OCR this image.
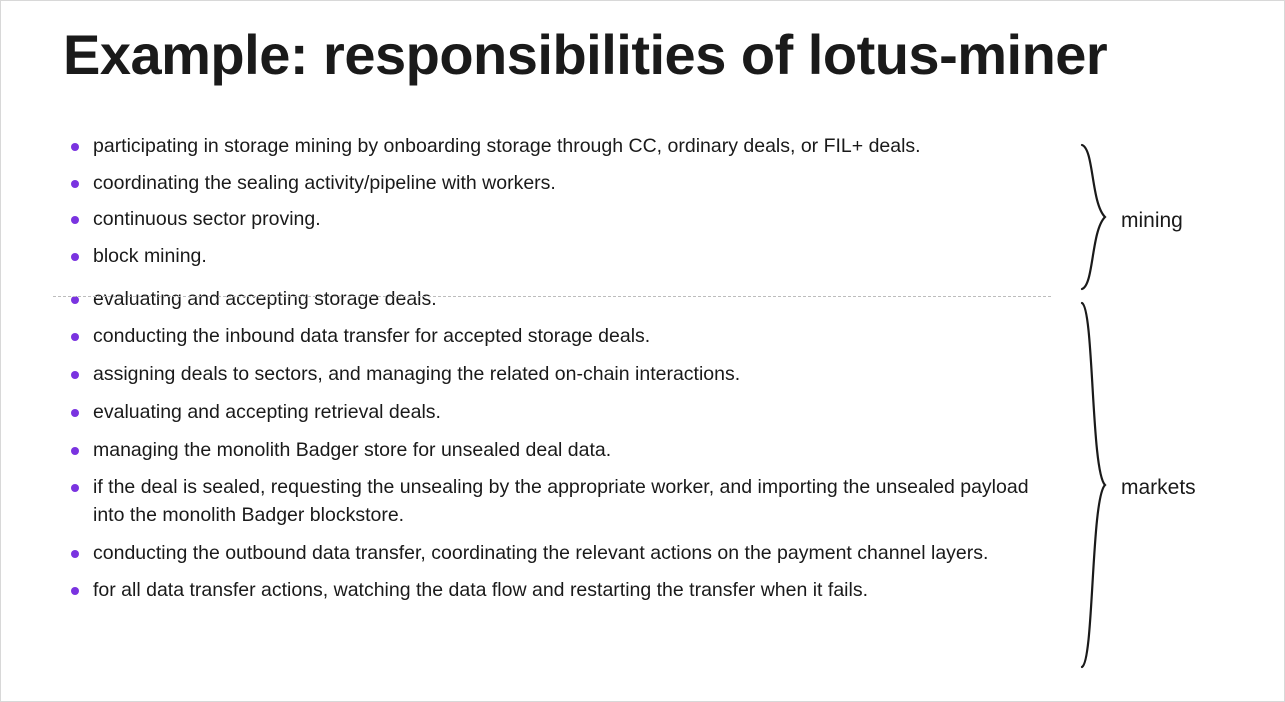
Example: responsibilities of lotus-miner
participating in storage mining by onboarding storage through CC, ordinary deals, or FIL+ deals.
coordinating the sealing activity/pipeline with workers.
continuous sector proving.
block mining.
evaluating and accepting storage deals.
conducting the inbound data transfer for accepted storage deals.
assigning deals to sectors, and managing the related on-chain interactions.
evaluating and accepting retrieval deals.
managing the monolith Badger store for unsealed deal data.
if the deal is sealed, requesting the unsealing by the appropriate worker, and importing the unsealed payload into the monolith Badger blockstore.
conducting the outbound data transfer, coordinating the relevant actions on the payment channel layers.
for all data transfer actions, watching the data flow and restarting the transfer when it fails.
mining
markets
